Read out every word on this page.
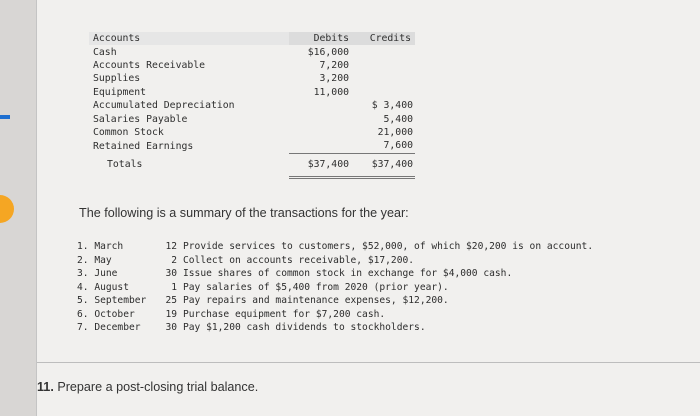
Accounts	Debits	Credits
Cash	$16,000	
Accounts Receivable	7,200	
Supplies	3,200	
Equipment	11,000	
Accumulated Depreciation		$ 3,400
Salaries Payable		5,400
Common Stock		21,000
Retained Earnings		7,600
Totals	$37,400	$37,400
The following is a summary of the transactions for the year:
1. March	12 Provide services to customers, $52,000, of which $20,200 is on account.
2. May	2 Collect on accounts receivable, $17,200.
3. June	30 Issue shares of common stock in exchange for $4,000 cash.
4. August	1 Pay salaries of $5,400 from 2020 (prior year).
5. September 25 Pay repairs and maintenance expenses, $12,200.
6. October	19 Purchase equipment for $7,200 cash.
7. December	30 Pay $1,200 cash dividends to stockholders.
11. Prepare a post-closing trial balance.
